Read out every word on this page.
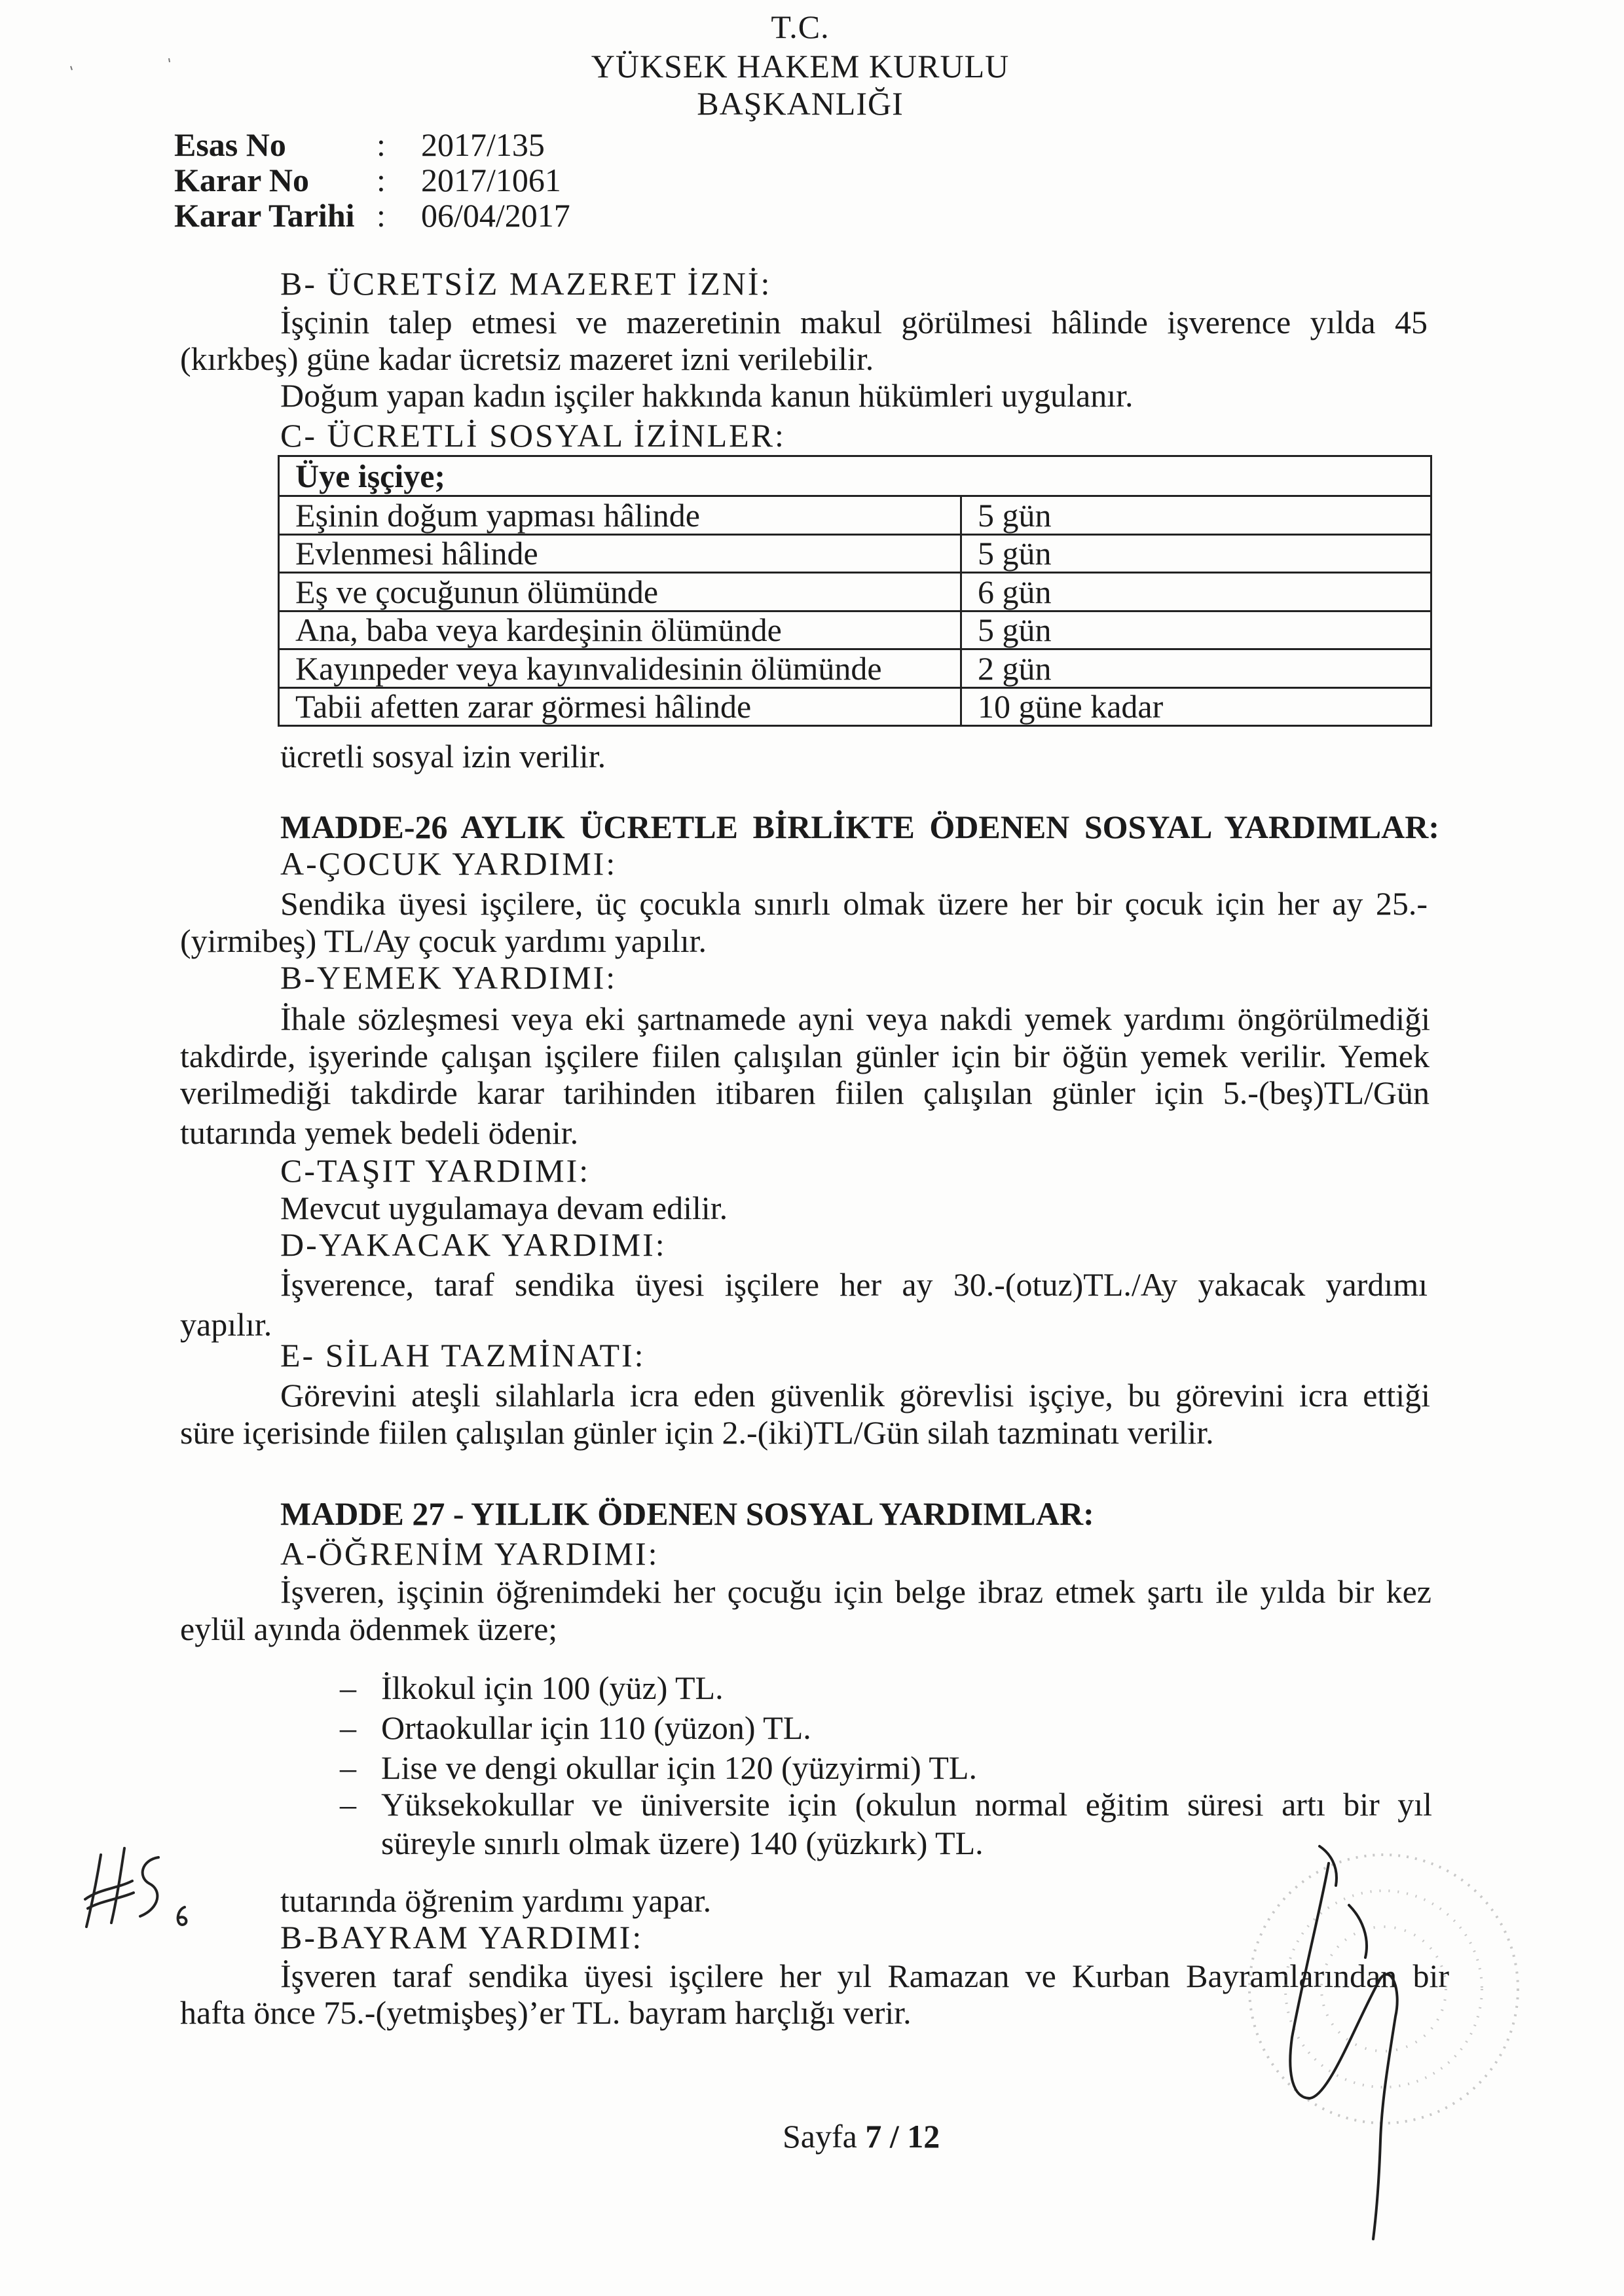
T.C.
YÜKSEK HAKEM KURULU
BAŞKANLIĞI
Esas No	: 2017/135
Karar No : 2017/1061
Karar Tarihi : 06/04/2017
B- ÜCRETSİZ MAZERET İZNİ:
İşçinin talep etmesi ve mazeretinin makul görülmesi hâlinde işverence yılda 45
(kırkbeş) güne kadar ücretsiz mazeret izni verilebilir.
Doğum yapan kadın işçiler hakkında kanun hükümleri uygulanır.
C- ÜCRETLİ SOSYAL İZİNLER:
Üye işçiye;
Eşinin doğum yapması hâlinde	5 gün
Evlenmesi hâlinde	5 gün
Eş ve çocuğunun ölümünde	6 gün
Ana, baba veya kardeşinin ölümünde	5 gün
Kayınpeder veya kayınvalidesinin ölümünde	2 gün
Tabii afetten zarar görmesi hâlinde	10 güne kadar
ücretli sosyal izin verilir.
MADDE-26 AYLIK ÜCRETLE BİRLİKTE ÖDENEN SOSYAL YARDIMLAR:
A-ÇOCUK YARDIMI:
Sendika üyesi işçilere, üç çocukla sınırlı olmak üzere her bir çocuk için her ay 25.-
(yirmibeş) TL/Ay çocuk yardımı yapılır.
B-YEMEK YARDIMI:
İhale sözleşmesi veya eki şartnamede ayni veya nakdi yemek yardımı öngörülmediği
takdirde, işyerinde çalışan işçilere fiilen çalışılan günler için bir öğün yemek verilir. Yemek
verilmediği takdirde karar tarihinden itibaren fiilen çalışılan günler için 5.-(beş)TL/Gün
tutarında yemek bedeli ödenir.
C-TAŞIT YARDIMI:
Mevcut uygulamaya devam edilir.
D-YAKACAK YARDIMI:
İşverence, taraf sendika üyesi işçilere her ay 30.-(otuz)TL./Ay yakacak yardımı
yapılır.
E- SİLAH TAZMİNATI:
Görevini ateşli silahlarla icra eden güvenlik görevlisi işçiye, bu görevini icra ettiği
süre içerisinde fiilen çalışılan günler için 2.-(iki)TL/Gün silah tazminatı verilir.
MADDE 27 - YILLIK ÖDENEN SOSYAL YARDIMLAR:
A-ÖĞRENİM YARDIMI:
İşveren, işçinin öğrenimdeki her çocuğu için belge ibraz etmek şartı ile yılda bir kez
eylül ayında ödenmek üzere;
– İlkokul için 100 (yüz) TL.
– Ortaokullar için 110 (yüzon) TL.
– Lise ve dengi okullar için 120 (yüzyirmi) TL.
– Yüksekokullar ve üniversite için (okulun normal eğitim süresi artı bir yıl
süreyle sınırlı olmak üzere) 140 (yüzkırk) TL.
tutarında öğrenim yardımı yapar.
B-BAYRAM YARDIMI:
İşveren taraf sendika üyesi işçilere her yıl Ramazan ve Kurban Bayramlarından bir
hafta önce 75.-(yetmişbeş)’er TL. bayram harçlığı verir.
Sayfa 7 / 12
